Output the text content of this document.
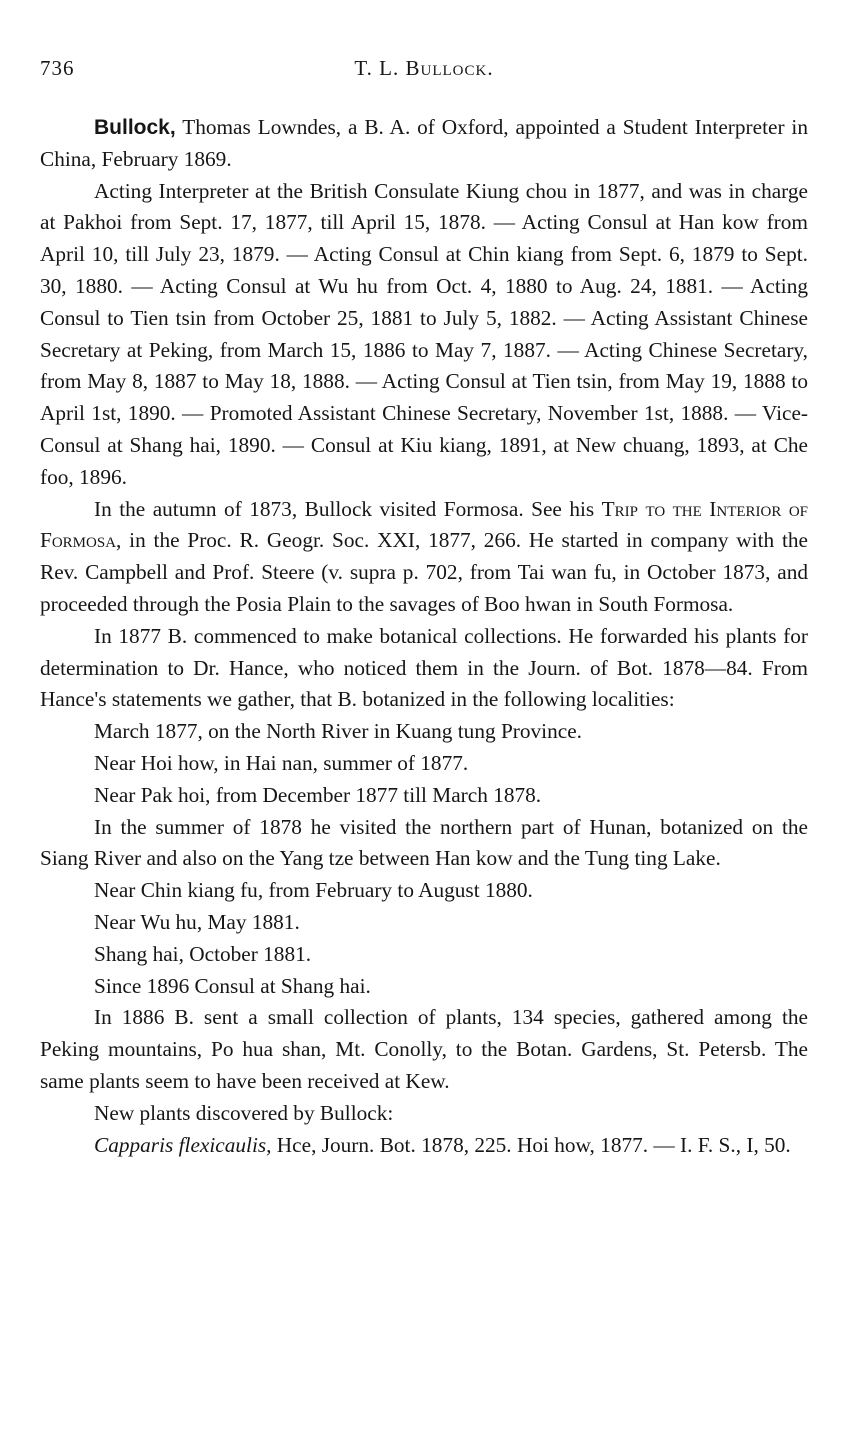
736	T. L. Bullock.

Bullock, Thomas Lowndes, a B. A. of Oxford, appointed a Student Interpreter in China, February 1869.

Acting Interpreter at the British Consulate Kiung chou in 1877, and was in charge at Pakhoi from Sept. 17, 1877, till April 15, 1878. — Acting Consul at Han kow from April 10, till July 23, 1879. — Acting Consul at Chin kiang from Sept. 6, 1879 to Sept. 30, 1880. — Acting Consul at Wu hu from Oct. 4, 1880 to Aug. 24, 1881. — Acting Consul to Tien tsin from October 25, 1881 to July 5, 1882. — Acting Assistant Chinese Secretary at Peking, from March 15, 1886 to May 7, 1887. — Acting Chinese Secretary, from May 8, 1887 to May 18, 1888. — Acting Consul at Tien tsin, from May 19, 1888 to April 1st, 1890. — Promoted Assistant Chinese Secretary, November 1st, 1888. — Vice-Consul at Shang hai, 1890. — Consul at Kiu kiang, 1891, at New chuang, 1893, at Che foo, 1896.

In the autumn of 1873, Bullock visited Formosa. See his Trip to the Interior of Formosa, in the Proc. R. Geogr. Soc. XXI, 1877, 266. He started in company with the Rev. Campbell and Prof. Steere (v. supra p. 702, from Tai wan fu, in October 1873, and proceeded through the Posia Plain to the savages of Boo hwan in South Formosa.

In 1877 B. commenced to make botanical collections. He forwarded his plants for determination to Dr. Hance, who noticed them in the Journ. of Bot. 1878—84. From Hance's statements we gather, that B. botanized in the following localities:

March 1877, on the North River in Kuang tung Province.

Near Hoi how, in Hai nan, summer of 1877.

Near Pak hoi, from December 1877 till March 1878.

In the summer of 1878 he visited the northern part of Hunan, botanized on the Siang River and also on the Yang tze between Han kow and the Tung ting Lake.

Near Chin kiang fu, from February to August 1880.

Near Wu hu, May 1881.

Shang hai, October 1881.

Since 1896 Consul at Shang hai.

In 1886 B. sent a small collection of plants, 134 species, gathered among the Peking mountains, Po hua shan, Mt. Conolly, to the Botan. Gardens, St. Petersb. The same plants seem to have been received at Kew.

New plants discovered by Bullock:

Capparis flexicaulis, Hce, Journ. Bot. 1878, 225. Hoi how, 1877. — I. F. S., I, 50.
